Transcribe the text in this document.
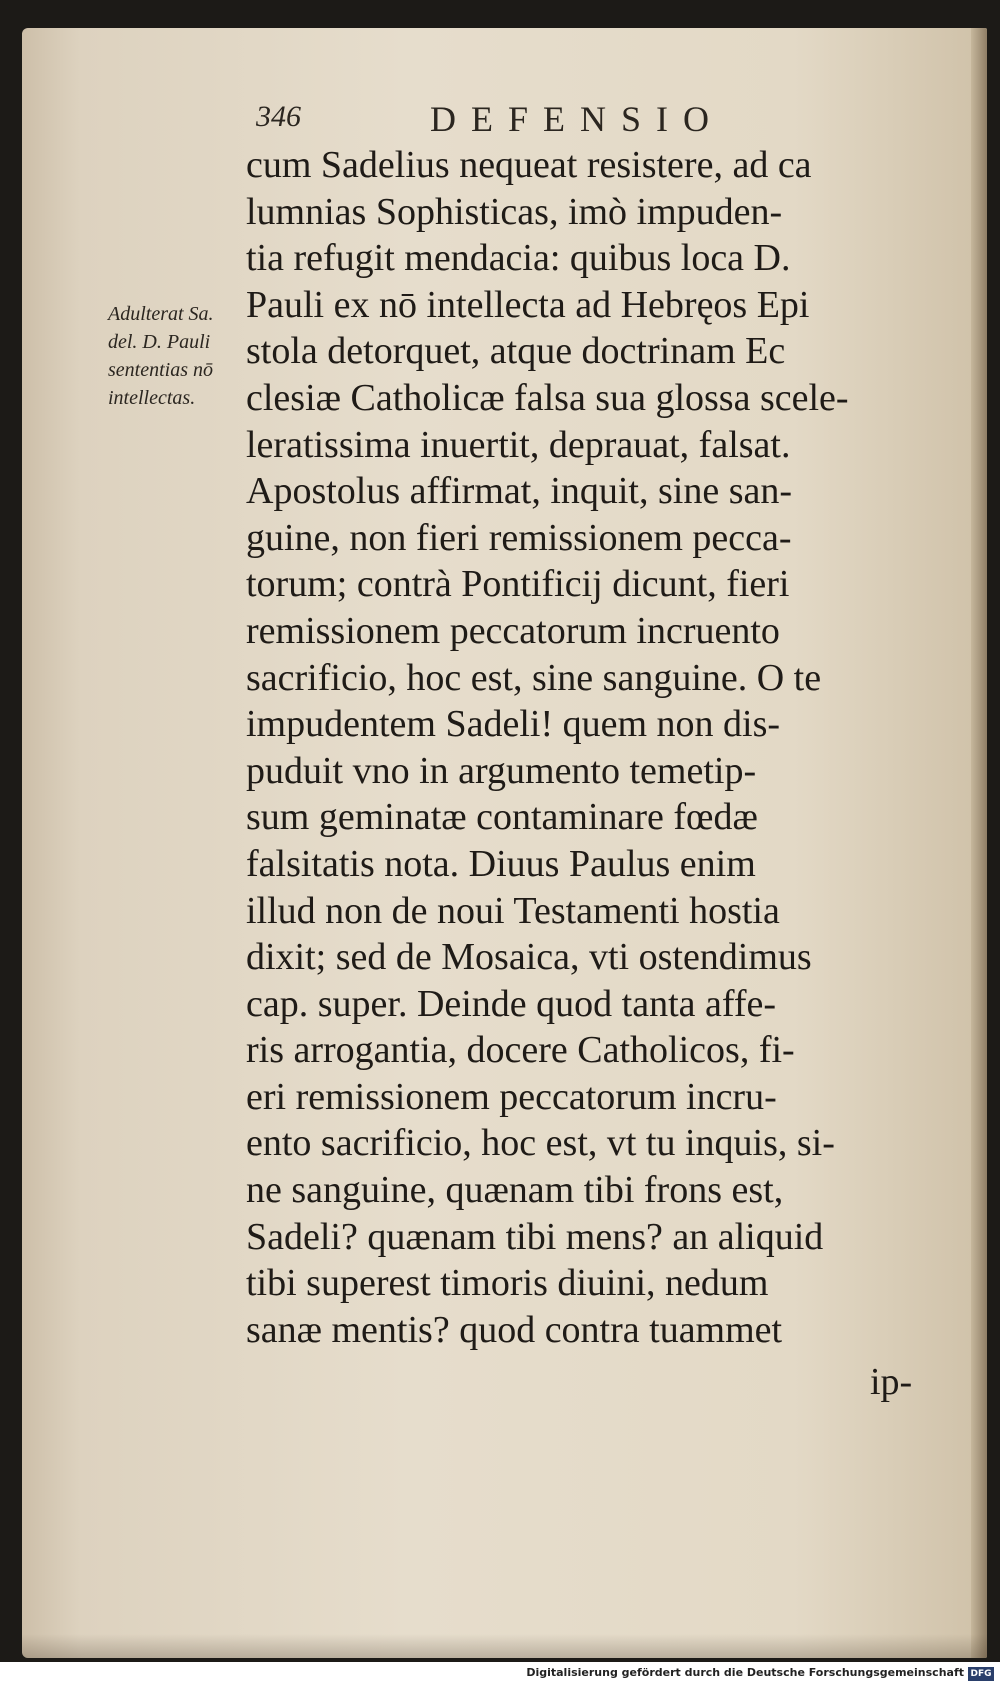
346	DEFENSIO
Adulterat Sa.
del. D. Pauli
sententias nō
intellectas.
cum Sadelius nequeat resistere, ad ca
lumnias Sophisticas, imò impuden-
tia refugit mendacia: quibus loca D.
Pauli ex nō intellecta ad Hebręos Epi
stola detorquet, atque doctrinam Ec
clesiæ Catholicæ falsa sua glossa scele-
leratissima inuertit, deprauat, falsat.
Apostolus affirmat, inquit, sine san-
guine, non fieri remissionem pecca-
torum; contrà Pontificij dicunt, fieri
remissionem peccatorum incruento
sacrificio, hoc est, sine sanguine. O te
impudentem Sadeli! quem non dis-
puduit vno in argumento temetip-
sum geminatæ contaminare fœdæ
falsitatis nota. Diuus Paulus enim
illud non de noui Testamenti hostia
dixit; sed de Mosaica, vti ostendimus
cap. super. Deinde quod tanta affe-
ris arrogantia, docere Catholicos, fi-
eri remissionem peccatorum incru-
ento sacrificio, hoc est, vt tu inquis, si-
ne sanguine, quænam tibi frons est,
Sadeli? quænam tibi mens? an aliquid
tibi superest timoris diuini, nedum
sanæ mentis? quod contra tuammet
ip-
Digitalisierung gefördert durch die Deutsche Forschungsgemeinschaft DFG
